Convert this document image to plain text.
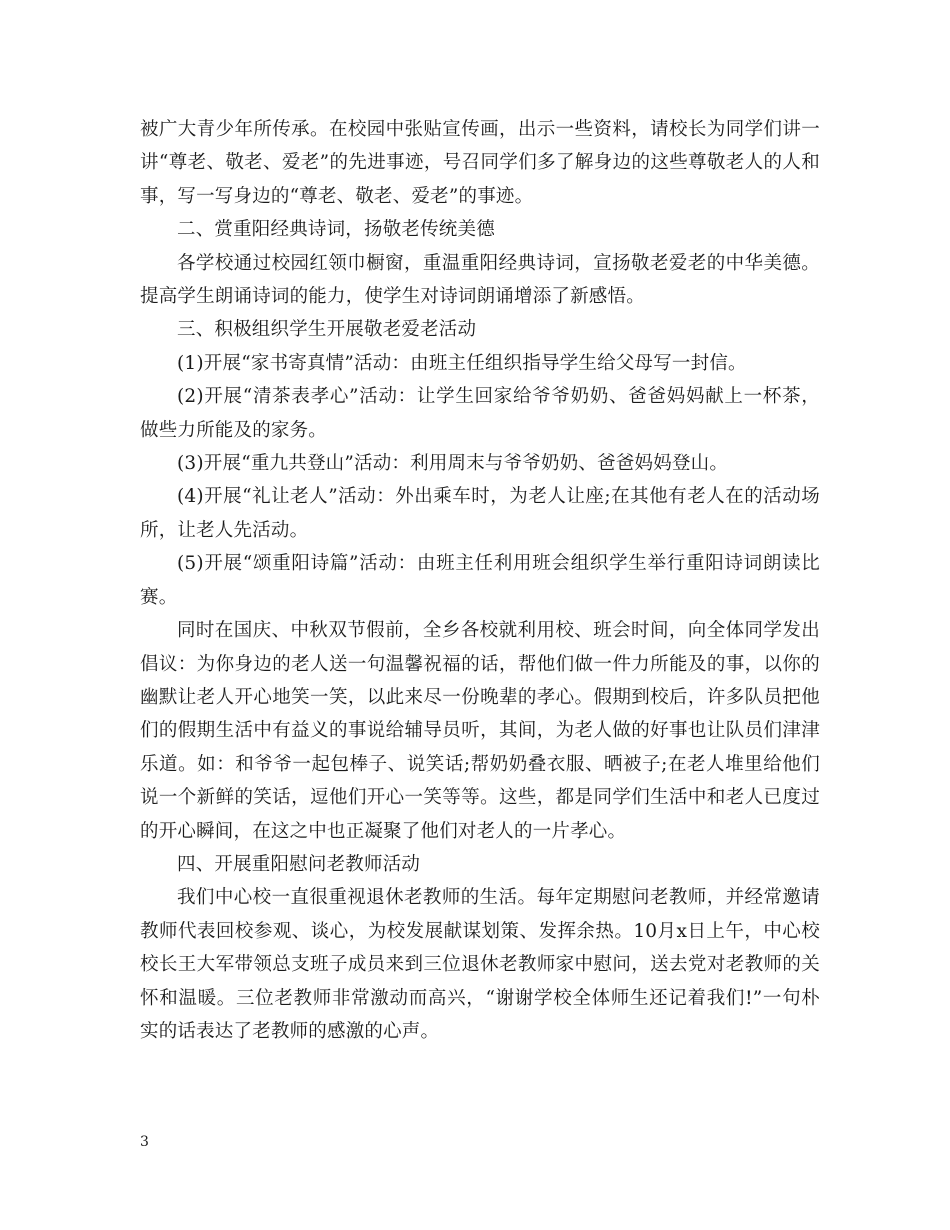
被广大青少年所传承。在校园中张贴宣传画，出示一些资料，请校长为同学们讲一讲“尊老、敬老、爱老”的先进事迹，号召同学们多了解身边的这些尊敬老人的人和事，写一写身边的“尊老、敬老、爱老”的事迹。

二、赏重阳经典诗词，扬敬老传统美德

各学校通过校园红领巾橱窗，重温重阳经典诗词，宣扬敬老爱老的中华美德。提高学生朗诵诗词的能力，使学生对诗词朗诵增添了新感悟。

三、积极组织学生开展敬老爱老活动

(1)开展“家书寄真情”活动：由班主任组织指导学生给父母写一封信。

(2)开展“清茶表孝心”活动：让学生回家给爷爷奶奶、爸爸妈妈献上一杯茶，做些力所能及的家务。

(3)开展“重九共登山”活动：利用周末与爷爷奶奶、爸爸妈妈登山。

(4)开展“礼让老人”活动：外出乘车时，为老人让座;在其他有老人在的活动场所，让老人先活动。

(5)开展“颂重阳诗篇”活动：由班主任利用班会组织学生举行重阳诗词朗读比赛。

同时在国庆、中秋双节假前，全乡各校就利用校、班会时间，向全体同学发出倡议：为你身边的老人送一句温馨祝福的话，帮他们做一件力所能及的事，以你的幽默让老人开心地笑一笑，以此来尽一份晚辈的孝心。假期到校后，许多队员把他们的假期生活中有益义的事说给辅导员听，其间，为老人做的好事也让队员们津津乐道。如：和爷爷一起包棒子、说笑话;帮奶奶叠衣服、晒被子;在老人堆里给他们说一个新鲜的笑话，逗他们开心一笑等等。这些，都是同学们生活中和老人已度过的开心瞬间，在这之中也正凝聚了他们对老人的一片孝心。

四、开展重阳慰问老教师活动

我们中心校一直很重视退休老教师的生活。每年定期慰问老教师，并经常邀请教师代表回校参观、谈心，为校发展献谋划策、发挥余热。10月x日上午，中心校校长王大军带领总支班子成员来到三位退休老教师家中慰问，送去党对老教师的关怀和温暖。三位老教师非常激动而高兴，“谢谢学校全体师生还记着我们!”一句朴实的话表达了老教师的感激的心声。

3
